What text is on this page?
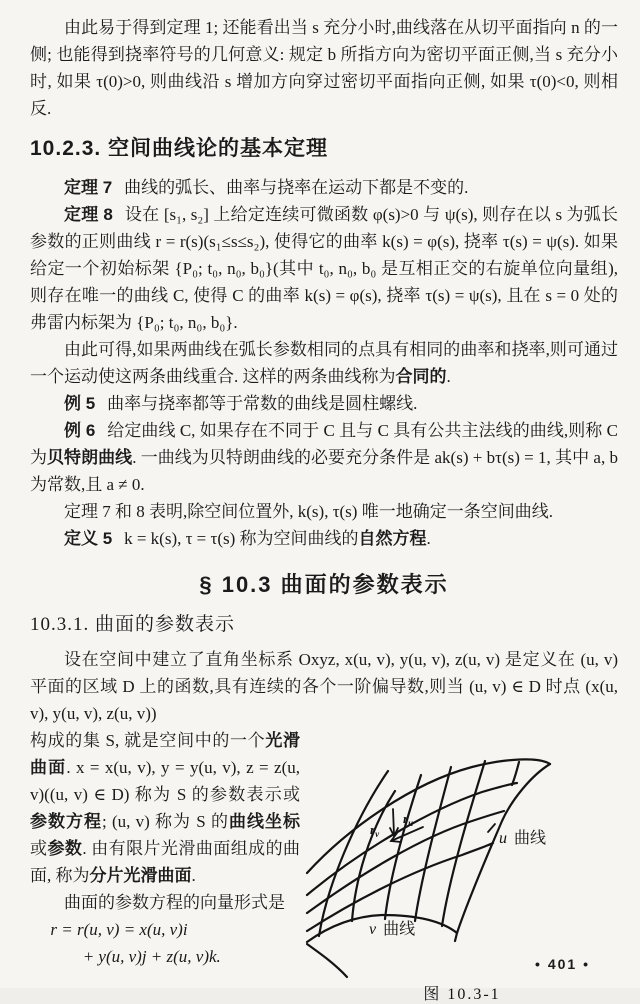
由此易于得到定理 1; 还能看出当 s 充分小时,曲线落在从切平面指向 n 的一侧; 也能得到挠率符号的几何意义: 规定 b 所指方向为密切平面正侧,当 s 充分小时, 如果 τ(0)>0, 则曲线沿 s 增加方向穿过密切平面指向正侧, 如果 τ(0)<0, 则相反.

10.2.3. 空间曲线论的基本定理

定理 7 曲线的弧长、曲率与挠率在运动下都是不变的.

定理 8 设在 [s₁, s₂] 上给定连续可微函数 φ(s)>0 与 ψ(s), 则存在以 s 为弧长参数的正则曲线 r = r(s)(s₁≤s≤s₂), 使得它的曲率 k(s) = φ(s), 挠率 τ(s) = ψ(s). 如果给定一个初始标架 {P₀; t₀, n₀, b₀}(其中 t₀, n₀, b₀ 是互相正交的右旋单位向量组),则存在唯一的曲线 C, 使得 C 的曲率 k(s) = φ(s), 挠率 τ(s) = ψ(s), 且在 s = 0 处的弗雷内标架为 {P₀; t₀, n₀, b₀}.

由此可得,如果两曲线在弧长参数相同的点具有相同的曲率和挠率,则可通过一个运动使这两条曲线重合. 这样的两条曲线称为合同的.

例 5 曲率与挠率都等于常数的曲线是圆柱螺线.

例 6 给定曲线 C, 如果存在不同于 C 且与 C 具有公共主法线的曲线,则称 C 为贝特朗曲线. 一曲线为贝特朗曲线的必要充分条件是 ak(s) + bτ(s) = 1, 其中 a, b 为常数,且 a ≠ 0.

定理 7 和 8 表明,除空间位置外, k(s), τ(s) 唯一地确定一条空间曲线.

定义 5 k = k(s), τ = τ(s) 称为空间曲线的自然方程.

§ 10.3 曲面的参数表示
10.3.1. 曲面的参数表示

设在空间中建立了直角坐标系 Oxyz, x(u, v), y(u, v), z(u, v) 是定义在 (u, v) 平面的区域 D 上的函数,具有连续的各个一阶偏导数,则当 (u, v) ∈ D 时点 (x(u, v), y(u, v), z(u, v))

$r_v$
$r_u$
u 曲线
v 曲线
图 10.3-1

构成的集 S, 就是空间中的一个光滑曲面. x = x(u, v), y = y(u, v), z = z(u, v)((u, v) ∈ D) 称为 S 的参数表示或参数方程; (u, v) 称为 S 的曲线坐标或参数. 由有限片光滑曲面组成的曲面, 称为分片光滑曲面.

曲面的参数方程的向量形式是

r = r(u, v) = x(u, v)i

+ y(u, v)j + z(u, v)k.	• 401 •
